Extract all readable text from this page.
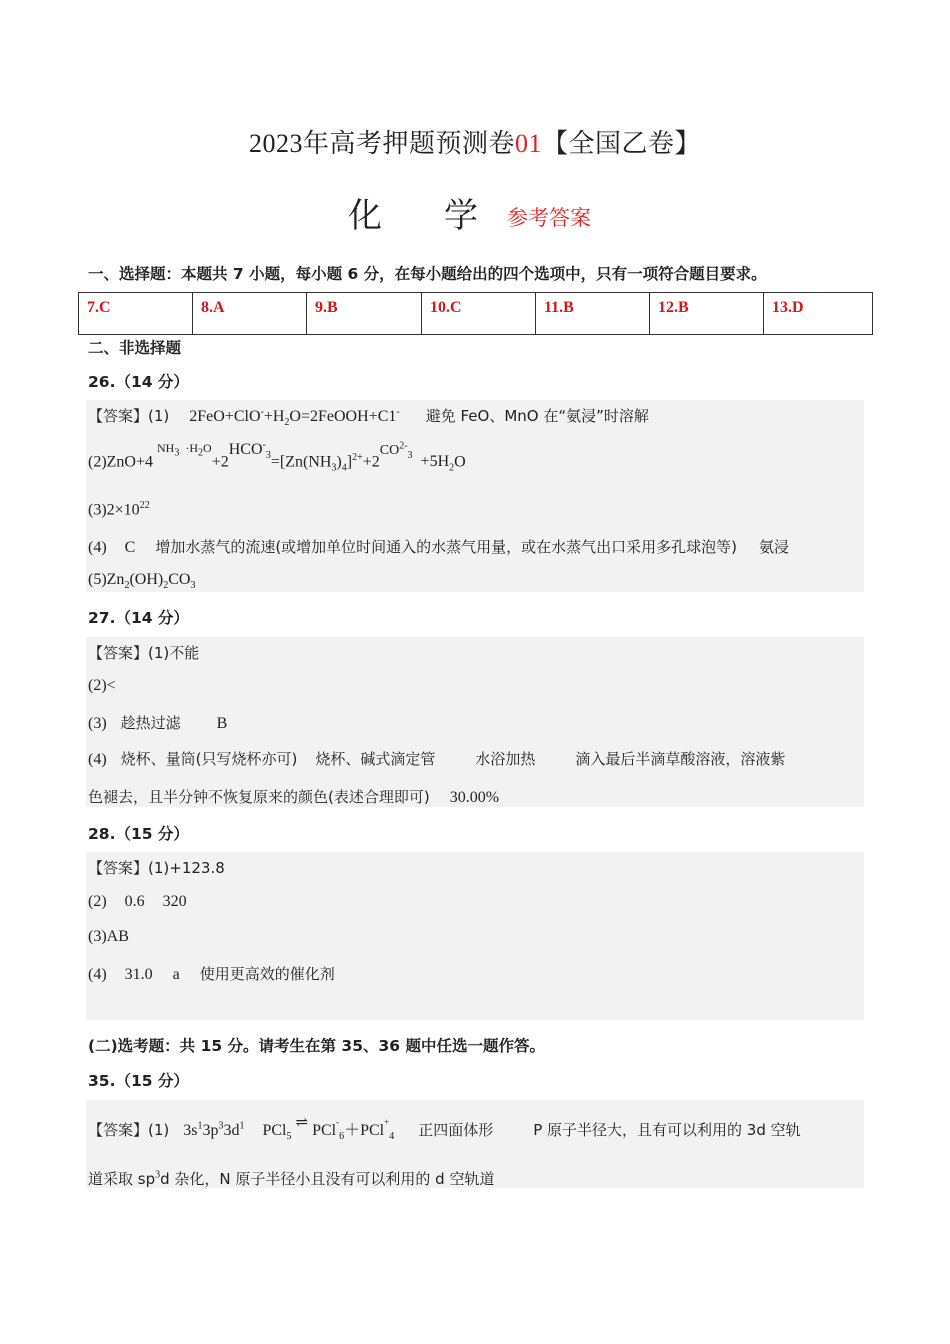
2023年高考押题预测卷01【全国乙卷】
化 学 参考答案
一、选择题：本题共 7 小题，每小题 6 分，在每小题给出的四个选项中，只有一项符合题目要求。
7.C	8.A	9.B	10.C	11.B	12.B	13.D
二、非选择题
26.（14 分）
【答案】(1) $2FeO+ClO^-+H_2O=2FeOOH+C1^-$ 避免 FeO、MnO 在“氨浸”时溶解
$(2)ZnO+4^{NH_3 \cdot H_2O}+2HCO^-_3=[Zn(NH_3)_4]^{2+}+2CO^{2-}_3 +5H_2O$
$(3)2\times 10^{22}$
(4) C 增加水蒸气的流速(或增加单位时间通入的水蒸气用量，或在水蒸气出口采用多孔球泡等) 氨浸
$(5)Zn_2(OH)_2CO_3$
27.（14 分）
【答案】(1)不能
(2)<
(3) 趁热过滤 B
(4) 烧杯、量筒(只写烧杯亦可) 烧杯、碱式滴定管	水浴加热	滴入最后半滴草酸溶液，溶液紫
色褪去，且半分钟不恢复原来的颜色(表述合理即可) 30.00%
28.（15 分）
【答案】(1)+123.8
(2) 0.6 320
(3)AB
(4) 31.0 a 使用更高效的催化剂
(二)选考题：共 15 分。请考生在第 35、36 题中任选一题作答。
35.（15 分）
【答案】(1) $3s^13p^33d^1$ PCl$_5$⇌ PCl-$_6$＋PCl+$_4$ 正四面体形	P 原子半径大，且有可以利用的 3d 空轨
道采取 $sp^3d$ 杂化，N 原子半径小且没有可以利用的 d 空轨道
